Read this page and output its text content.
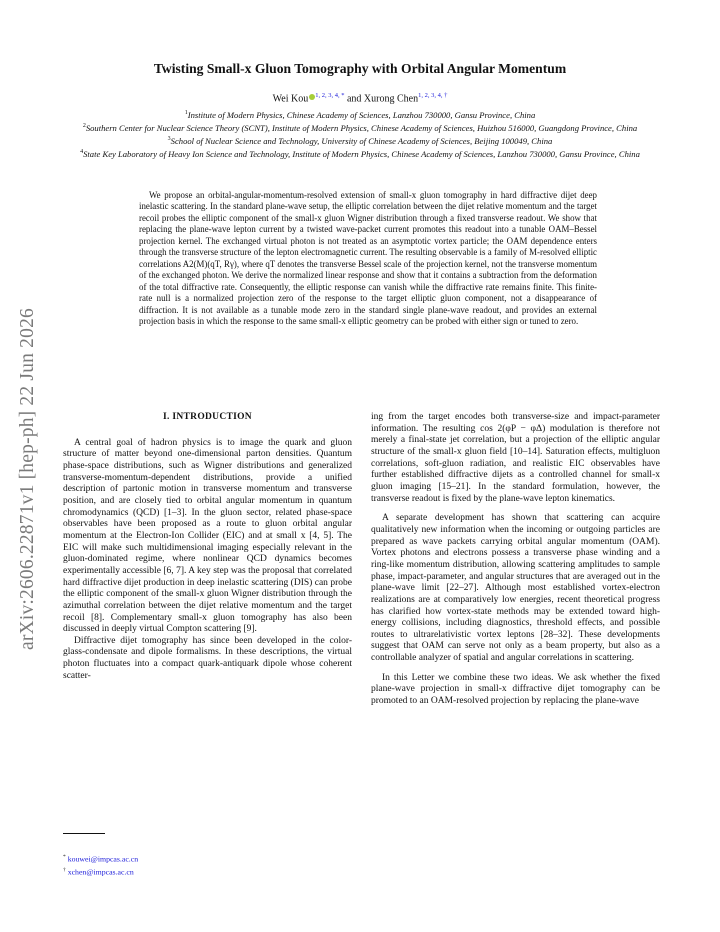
arXiv:2606.22871v1 [hep-ph] 22 Jun 2026
Twisting Small-x Gluon Tomography with Orbital Angular Momentum
Wei Kou $^{1, 2, 3, 4, *}$ and Xurong Chen$^{1, 2, 3, 4, \dagger}$
$^1$Institute of Modern Physics, Chinese Academy of Sciences, Lanzhou 730000, Gansu Province, China
$^2$Southern Center for Nuclear Science Theory (SCNT), Institute of Modern Physics, Chinese Academy of Sciences, Huizhou 516000, Guangdong Province, China
$^3$School of Nuclear Science and Technology, University of Chinese Academy of Sciences, Beijing 100049, China
$^4$State Key Laboratory of Heavy Ion Science and Technology, Institute of Modern Physics, Chinese Academy of Sciences, Lanzhou 730000, Gansu Province, China
We propose an orbital-angular-momentum-resolved extension of small-x gluon tomography in hard diffractive dijet deep inelastic scattering. In the standard plane-wave setup, the elliptic correlation between the dijet relative momentum and the target recoil probes the elliptic component of the small-x gluon Wigner distribution through a fixed transverse readout. We show that replacing the plane-wave lepton current by a twisted wave-packet current promotes this readout into a tunable OAM–Bessel projection kernel. The exchanged virtual photon is not treated as an asymptotic vortex particle; the OAM dependence enters through the transverse structure of the lepton electromagnetic current. The resulting observable is a family of M-resolved elliptic correlations A2(M)(qT, Rγ), where qT denotes the transverse Bessel scale of the projection kernel, not the transverse momentum of the exchanged photon. We derive the normalized linear response and show that it contains a subtraction from the deformation of the total diffractive rate. Consequently, the elliptic response can vanish while the diffractive rate remains finite. This finite-rate null is a normalized projection zero of the response to the target elliptic gluon component, not a disappearance of diffraction. It is not available as a tunable mode zero in the standard single plane-wave readout, and provides an external projection basis in which the response to the same small-x elliptic geometry can be probed with either sign or tuned to zero.
I. INTRODUCTION

A central goal of hadron physics is to image the quark and gluon structure of matter beyond one-dimensional parton densities. Quantum phase-space distributions, such as Wigner distributions and generalized transverse-momentum-dependent distributions, provide a unified description of partonic motion in transverse momentum and transverse position, and are closely tied to orbital angular momentum in quantum chromodynamics (QCD) [1–3]. In the gluon sector, related phase-space observables have been proposed as a route to gluon orbital angular momentum at the Electron-Ion Collider (EIC) and at small x [4, 5]. The EIC will make such multidimensional imaging especially relevant in the gluon-dominated regime, where nonlinear QCD dynamics becomes experimentally accessible [6, 7]. A key step was the proposal that correlated hard diffractive dijet production in deep inelastic scattering (DIS) can probe the elliptic component of the small-x gluon Wigner distribution through the azimuthal correlation between the dijet relative momentum and the target recoil [8]. Complementary small-x gluon tomography has also been discussed in deeply virtual Compton scattering [9].

Diffractive dijet tomography has since been developed in the color-glass-condensate and dipole formalisms. In these descriptions, the virtual photon fluctuates into a compact quark-antiquark dipole whose coherent scatter-

ing from the target encodes both transverse-size and impact-parameter information. The resulting cos 2(φP − φΔ) modulation is therefore not merely a final-state jet correlation, but a projection of the elliptic angular structure of the small-x gluon field [10–14]. Saturation effects, multigluon correlations, soft-gluon radiation, and realistic EIC observables have further established diffractive dijets as a controlled channel for small-x gluon imaging [15–21]. In the standard formulation, however, the transverse readout is fixed by the plane-wave lepton kinematics.

A separate development has shown that scattering can acquire qualitatively new information when the incoming or outgoing particles are prepared as wave packets carrying orbital angular momentum (OAM). Vortex photons and electrons possess a transverse phase winding and a ring-like momentum distribution, allowing scattering amplitudes to sample phase, impact-parameter, and angular structures that are averaged out in the plane-wave limit [22–27]. Although most established vortex-electron realizations are at comparatively low energies, recent theoretical progress has clarified how vortex-state methods may be extended toward high-energy collisions, including diagnostics, threshold effects, and possible routes to ultrarelativistic vortex leptons [28–32]. These developments suggest that OAM can serve not only as a beam property, but also as a controllable analyzer of spatial and angular correlations in scattering.

In this Letter we combine these two ideas. We ask whether the fixed plane-wave projection in small-x diffractive dijet tomography can be promoted to an OAM-resolved projection by replacing the plane-wave

* kouwei@impcas.ac.cn
† xchen@impcas.ac.cn
